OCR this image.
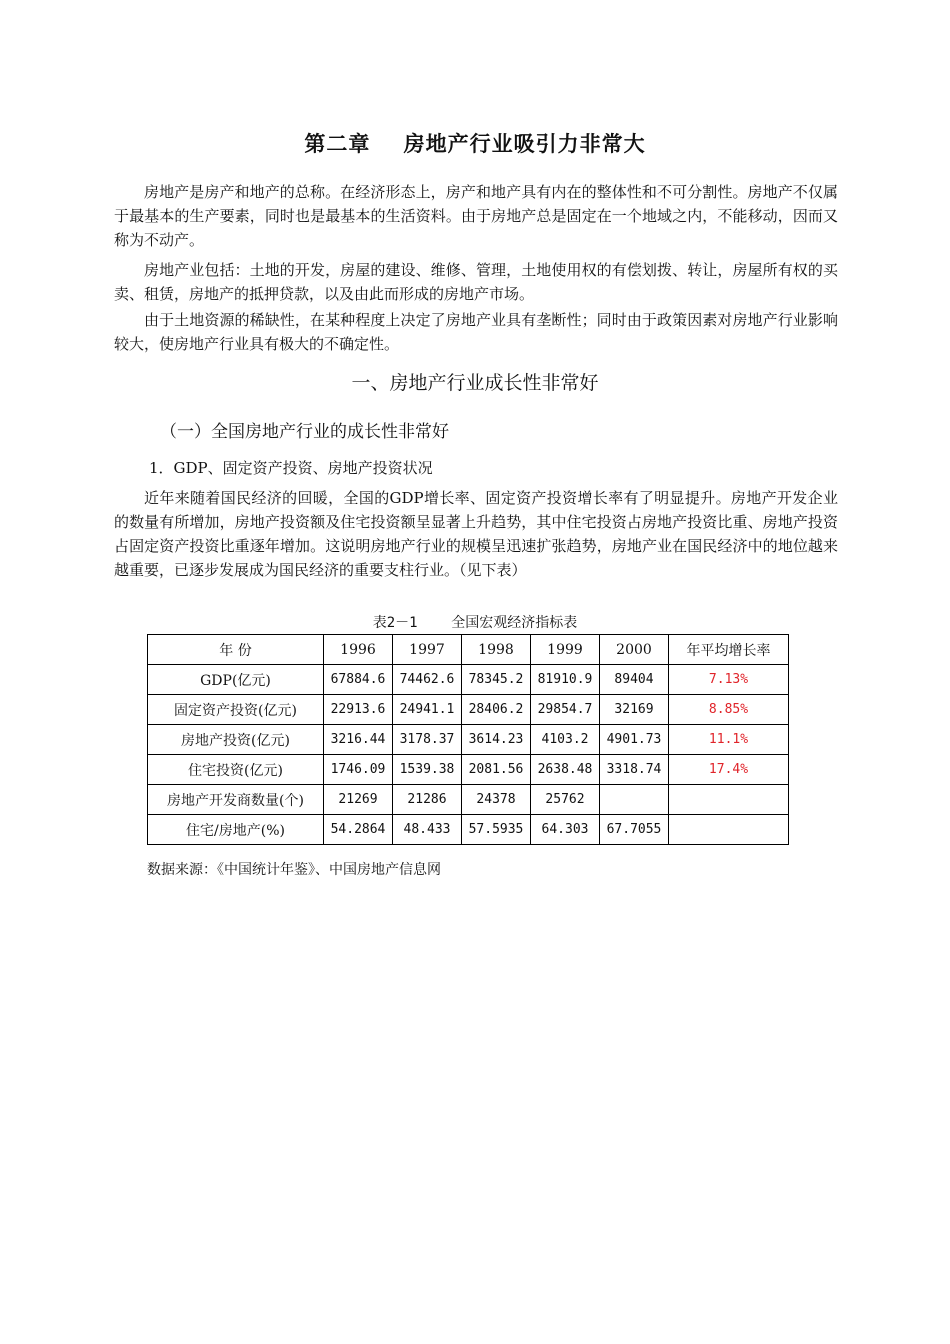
第二章    房地产行业吸引力非常大

房地产是房产和地产的总称。在经济形态上，房产和地产具有内在的整体性和不可分割性。房地产不仅属于最基本的生产要素，同时也是最基本的生活资料。由于房地产总是固定在一个地域之内，不能移动，因而又称为不动产。

房地产业包括：土地的开发，房屋的建设、维修、管理，土地使用权的有偿划拨、转让，房屋所有权的买卖、租赁，房地产的抵押贷款，以及由此而形成的房地产市场。

由于土地资源的稀缺性，在某种程度上决定了房地产业具有垄断性；同时由于政策因素对房地产行业影响较大，使房地产行业具有极大的不确定性。

一、房地产行业成长性非常好
（一）全国房地产行业的成长性非常好
1．GDP、固定资产投资、房地产投资状况

近年来随着国民经济的回暖，全国的GDP增长率、固定资产投资增长率有了明显提升。房地产开发企业的数量有所增加，房地产投资额及住宅投资额呈显著上升趋势，其中住宅投资占房地产投资比重、房地产投资占固定资产投资比重逐年增加。这说明房地产行业的规模呈迅速扩张趋势，房地产业在国民经济中的地位越来越重要，已逐步发展成为国民经济的重要支柱行业。（见下表）

表2－1    全国宏观经济指标表
年 份	1996	1997	1998	1999	2000	年平均增长率
GDP(亿元)	67884.6	74462.6	78345.2	81910.9	89404	7.13%
固定资产投资(亿元)	22913.6	24941.1	28406.2	29854.7	32169	8.85%
房地产投资(亿元)	3216.44	3178.37	3614.23	4103.2	4901.73	11.1%
住宅投资(亿元)	1746.09	1539.38	2081.56	2638.48	3318.74	17.4%
房地产开发商数量(个)	21269	21286	24378	25762		
住宅/房地产(%)	54.2864	48.433	57.5935	64.303	67.7055	
数据来源：《中国统计年鉴》、中国房地产信息网
